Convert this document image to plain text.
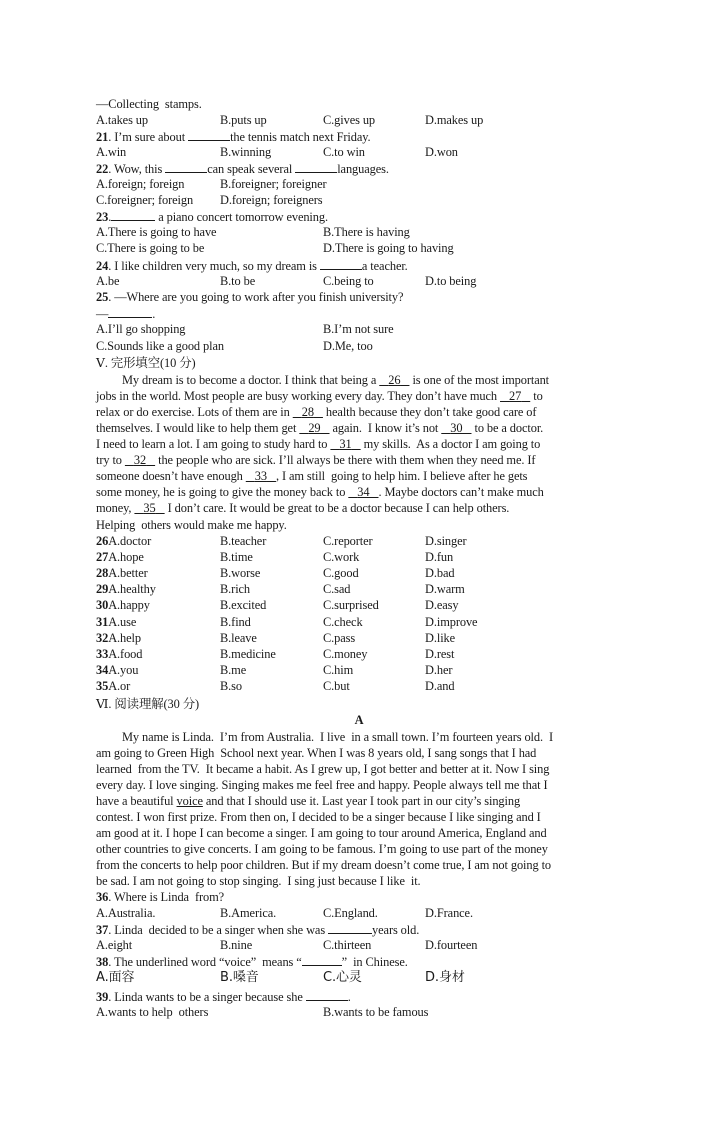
—Collecting  stamps.
A.takes up	B.puts up	C.gives up	D.makes up
21. I’m sure about	the tennis match next Friday.
A.win	B.winning	C.to win	D.won
22. Wow, this	can speak several	languages.
A.foreign; foreign	B.foreigner; foreigner
C.foreigner; foreign D.foreign; foreigners
23.	a piano concert tomorrow evening.
A.There is going to have	B.There is having
C.There is going to be	D.There is going to having
24. I like children very much, so my dream is	a teacher.
A.be	B.to be	C.being to	D.to being
25. —Where are you going to work after you finish university?
—	.
A.I’ll go shopping	B.I’m not sure
C.Sounds like a good plan	D.Me, too
Ⅴ. 完形填空(10 分)
My dream is to become a doctor. I think that being a    26    is one of the most important
jobs in the world. Most people are busy working every day. They don’t have much    27    to
relax or do exercise. Lots of them are in    28    health because they don’t take good care of
themselves. I would like to help them get    29    again.  I know it’s not    30    to be a doctor.
I need to learn a lot. I am going to study hard to    31    my skills.  As a doctor I am going to
try to    32    the people who are sick. I’ll always be there with them when they need me. If
someone doesn’t have enough    33 , I am still  going to help him. I believe after he gets
some money, he is going to give the money back to    34 . Maybe doctors can’t make much
money,    35    I don’t care. It would be great to be a doctor because I can help others.
Helping  others would make me happy.
26A.doctor	B.teacher	C.reporter	D.singer
27A.hope	B.time	C.work	D.fun
28A.better	B.worse	C.good	D.bad
29A.healthy	B.rich	C.sad	D.warm
30A.happy	B.excited	C.surprised	D.easy
31A.use	B.find	C.check	D.improve
32A.help	B.leave	C.pass	D.like
33A.food	B.medicine	C.money	D.rest
34A.you	B.me	C.him	D.her
35A.or	B.so	C.but	D.and
Ⅵ. 阅读理解(30 分)
A
My name is Linda.  I’m from Australia.  I live  in a small town. I’m fourteen years old.  I
am going to Green High  School next year. When I was 8 years old, I sang songs that I had
learned  from the TV.  It became a habit. As I grew up, I got better and better at it. Now I sing
every day. I love singing. Singing makes me feel free and happy. People always tell me that I
have a beautiful voice and that I should use it. Last year I took part in our city’s singing
contest. I won first prize. From then on, I decided to be a singer because I like singing and I
am good at it. I hope I can become a singer. I am going to tour around America, England and
other countries to give concerts. I am going to be famous. I’m going to use part of the money
from the concerts to help poor children. But if my dream doesn’t come true, I am not going to
be sad. I am not going to stop singing.  I sing just because I like  it.
36. Where is Linda  from?
A.Australia.	B.America.	C.England.	D.France.
37. Linda  decided to be a singer when she was	years old.
A.eight	B.nine	C.thirteen	D.fourteen
38. The underlined word “voice”  means “	”  in Chinese.
A.面容	B.嗓音	C.心灵	D.身材
39. Linda wants to be a singer because she	.
A.wants to help  others	B.wants to be famous
